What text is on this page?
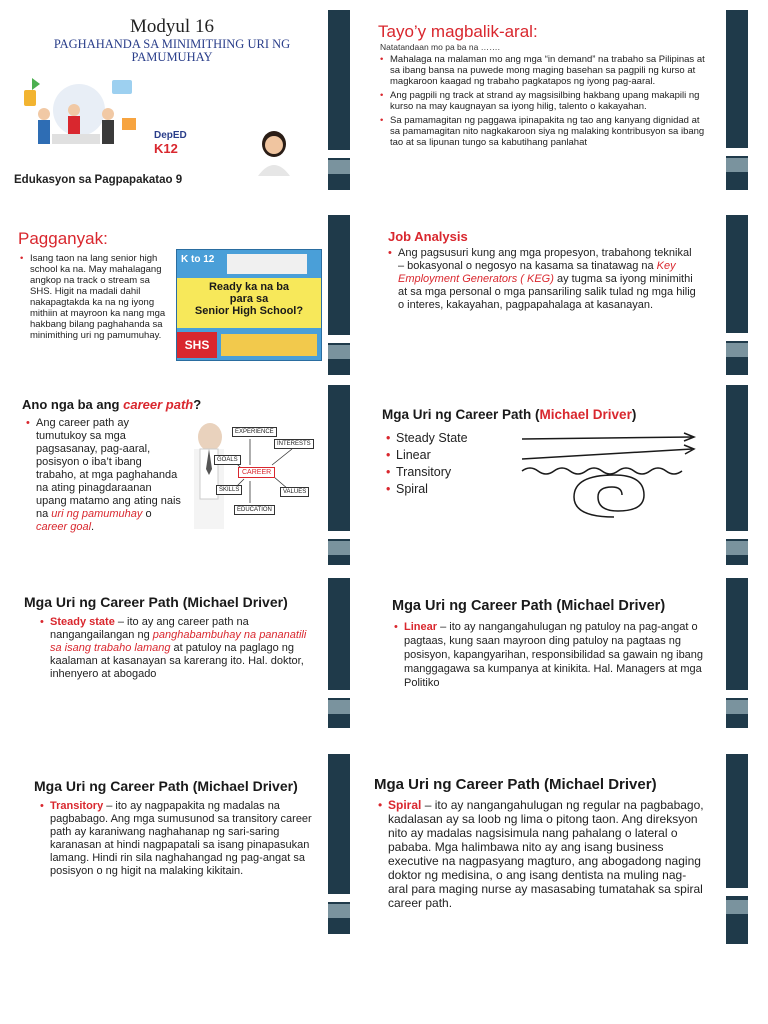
Modyul 16
PAGHAHANDA SA MINIMITHING URI NG PAMUMUHAY
DepED
K12
Edukasyon sa Pagpapakatao 9
Tayo’y magbalik-aral:
Natatandaan mo pa ba na …….
• Mahalaga na malaman mo ang mga “in demand” na trabaho sa Pilipinas at sa ibang bansa na puwede mong maging basehan sa pagpili ng kurso at magkaroon kaagad ng trabaho pagkatapos ng iyong pag-aaral.
• Ang pagpili ng track at strand ay magsisilbing hakbang upang makapili ng kurso na may kaugnayan sa iyong hilig, talento o kakayahan.
• Sa pamamagitan ng paggawa ipinapakita ng tao ang kanyang dignidad at sa pamamagitan nito nagkakaroon siya ng malaking kontribusyon sa ibang tao at sa lipunan tungo sa kabutihang panlahat
Pagganyak:
• Isang taon na lang senior high school ka na. May mahalagang angkop na track o stream sa SHS. Higit na madali dahil nakapagtakda ka na ng iyong mithiin at mayroon ka nang mga hakbang bilang paghahanda sa minimithing uri ng pamumuhay.
K to 12
Ready ka na ba
para sa
Senior High School?
SHS
Job Analysis
• Ang pagsusuri kung ang mga propesyon, trabahong teknikal – bokasyonal o negosyo na kasama sa tinatawag na Key Employment Generators ( KEG) ay tugma sa iyong minimithi at sa mga personal o mga pansariling salik tulad ng mga hilig o interes, kakayahan, pagpapahalaga at kasanayan.
Ano nga ba ang career path?
• Ang career path ay tumutukoy sa mga pagsasanay, pag-aaral, posisyon o iba’t ibang trabaho, at mga paghahanda na ating pinagdaraanan upang matamo ang ating nais na uri ng pamumuhay o career goal.
EXPERIENCE
INTERESTS
GOALS
CAREER
SKILLS	VALUES
EDUCATION
Mga Uri ng Career Path (Michael Driver)
• Steady State
• Linear
• Transitory
• Spiral
Mga Uri ng Career Path (Michael Driver)
• Steady state – ito ay ang career path na nangangailangan ng panghabambuhay na pananatili sa isang trabaho lamang at patuloy na paglago ng kaalaman at kasanayan sa karerang ito. Hal. doktor, inhenyero at abogado
Mga Uri ng Career Path (Michael Driver)
• Linear – ito ay nangangahulugan ng patuloy na pag-angat o pagtaas, kung saan mayroon ding patuloy na pagtaas ng posisyon, kapangyarihan, responsibilidad sa gawain ng ibang manggagawa sa kumpanya at kinikita. Hal. Managers at mga Politiko
Mga Uri ng Career Path (Michael Driver)
• Transitory – ito ay nagpapakita ng madalas na pagbabago. Ang mga sumusunod sa transitory career path ay karaniwang naghahanap ng sari-saring karanasan at hindi nagpapatali sa isang pinapasukan lamang. Hindi rin sila naghahangad ng pag-angat sa posisyon o ng higit na malaking kikitain.
Mga Uri ng Career Path (Michael Driver)
• Spiral – ito ay nangangahulugan ng regular na pagbabago, kadalasan ay sa loob ng lima o pitong taon. Ang direksyon nito ay madalas nagsisimula nang pahalang o lateral o pababa. Mga halimbawa nito ay ang isang business executive na nagpasyang magturo, ang abogadong naging doktor ng medisina, o ang isang dentista na muling nag-aral para maging nurse ay masasabing tumatahak sa spiral career path.
